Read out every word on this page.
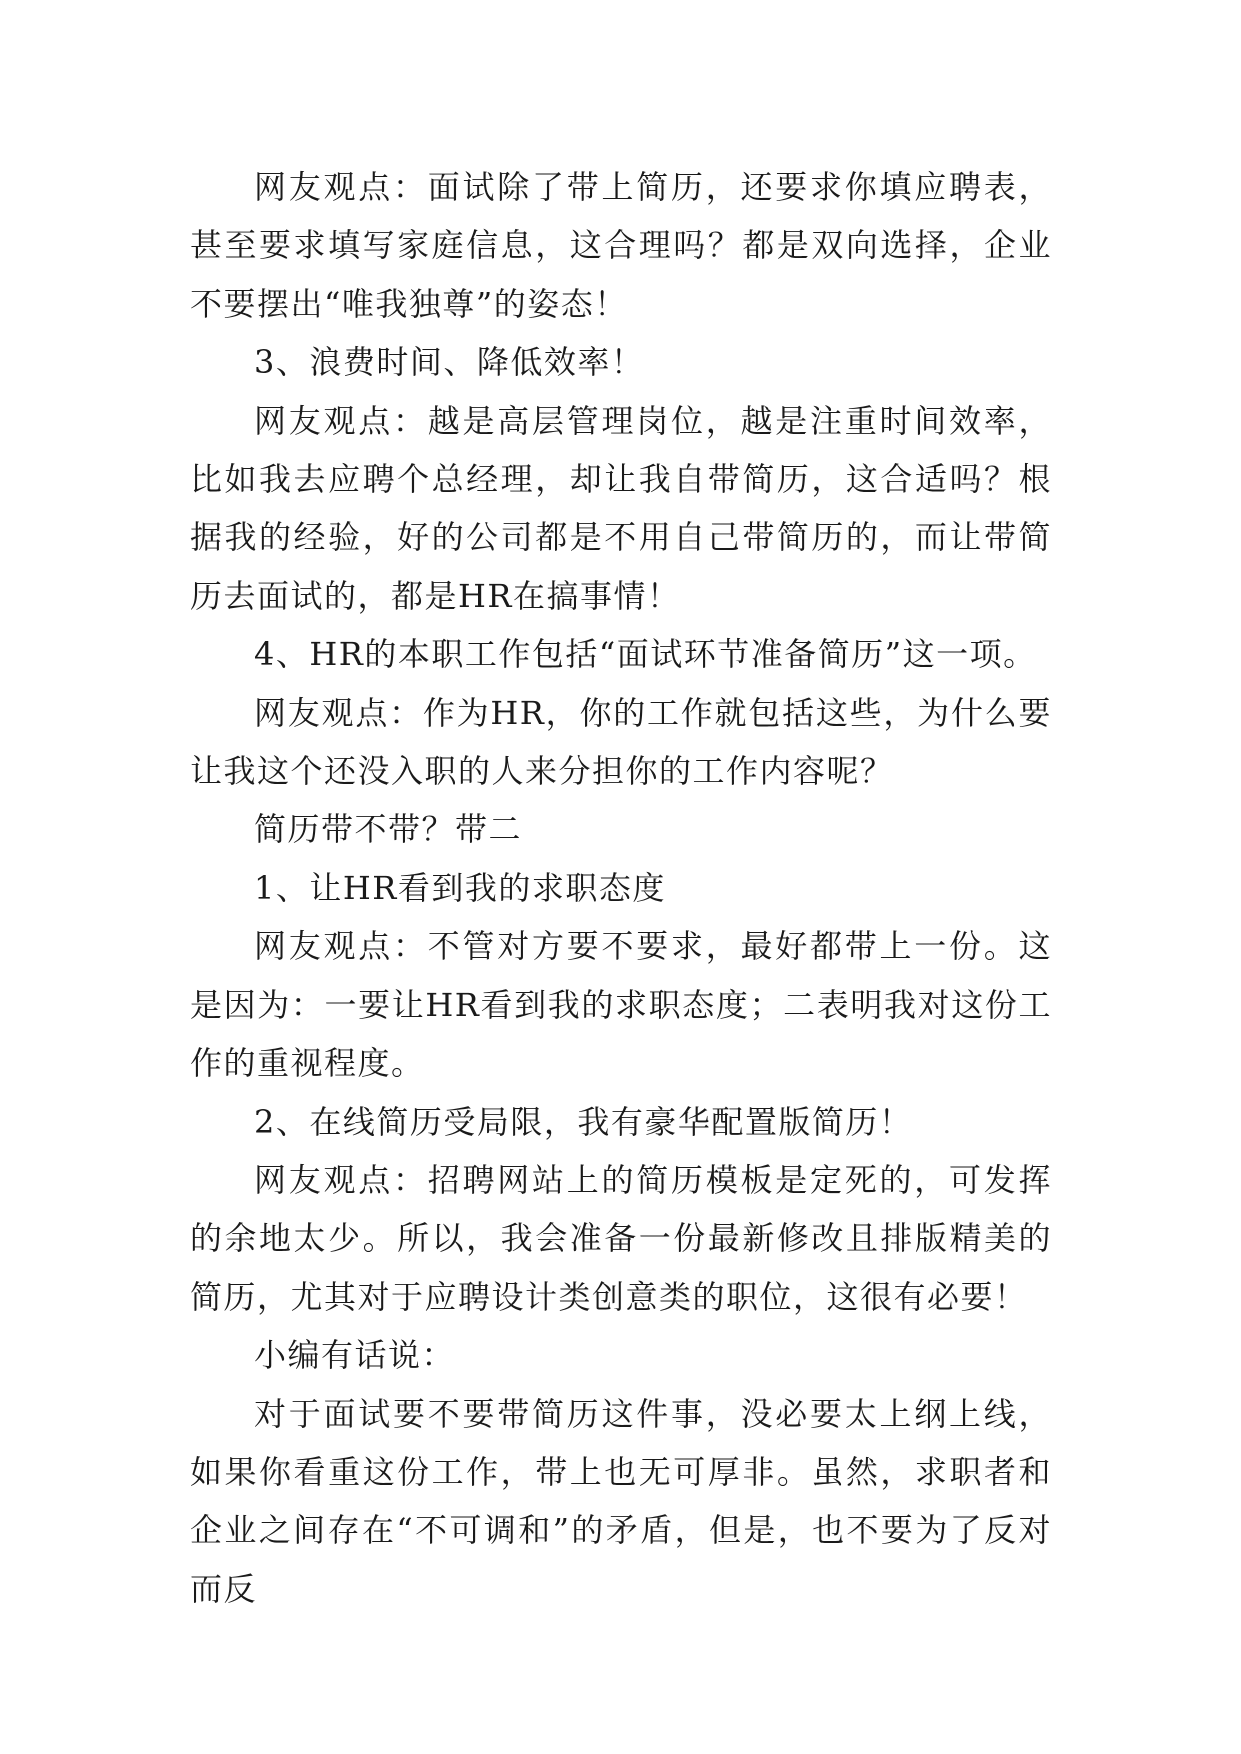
网友观点：面试除了带上简历，还要求你填应聘表，甚至要求填写家庭信息，这合理吗？都是双向选择，企业不要摆出“唯我独尊”的姿态！

3、浪费时间、降低效率！

网友观点：越是高层管理岗位，越是注重时间效率，比如我去应聘个总经理，却让我自带简历，这合适吗？根据我的经验，好的公司都是不用自己带简历的，而让带简历去面试的，都是HR在搞事情！

4、HR的本职工作包括“面试环节准备简历”这一项。

网友观点：作为HR，你的工作就包括这些，为什么要让我这个还没入职的人来分担你的工作内容呢？

简历带不带？带二

1、让HR看到我的求职态度

网友观点：不管对方要不要求，最好都带上一份。这是因为：一要让HR看到我的求职态度；二表明我对这份工作的重视程度。

2、在线简历受局限，我有豪华配置版简历！

网友观点：招聘网站上的简历模板是定死的，可发挥的余地太少。所以，我会准备一份最新修改且排版精美的简历，尤其对于应聘设计类创意类的职位，这很有必要！

小编有话说：

对于面试要不要带简历这件事，没必要太上纲上线，如果你看重这份工作，带上也无可厚非。虽然，求职者和企业之间存在“不可调和”的矛盾，但是，也不要为了反对而反
